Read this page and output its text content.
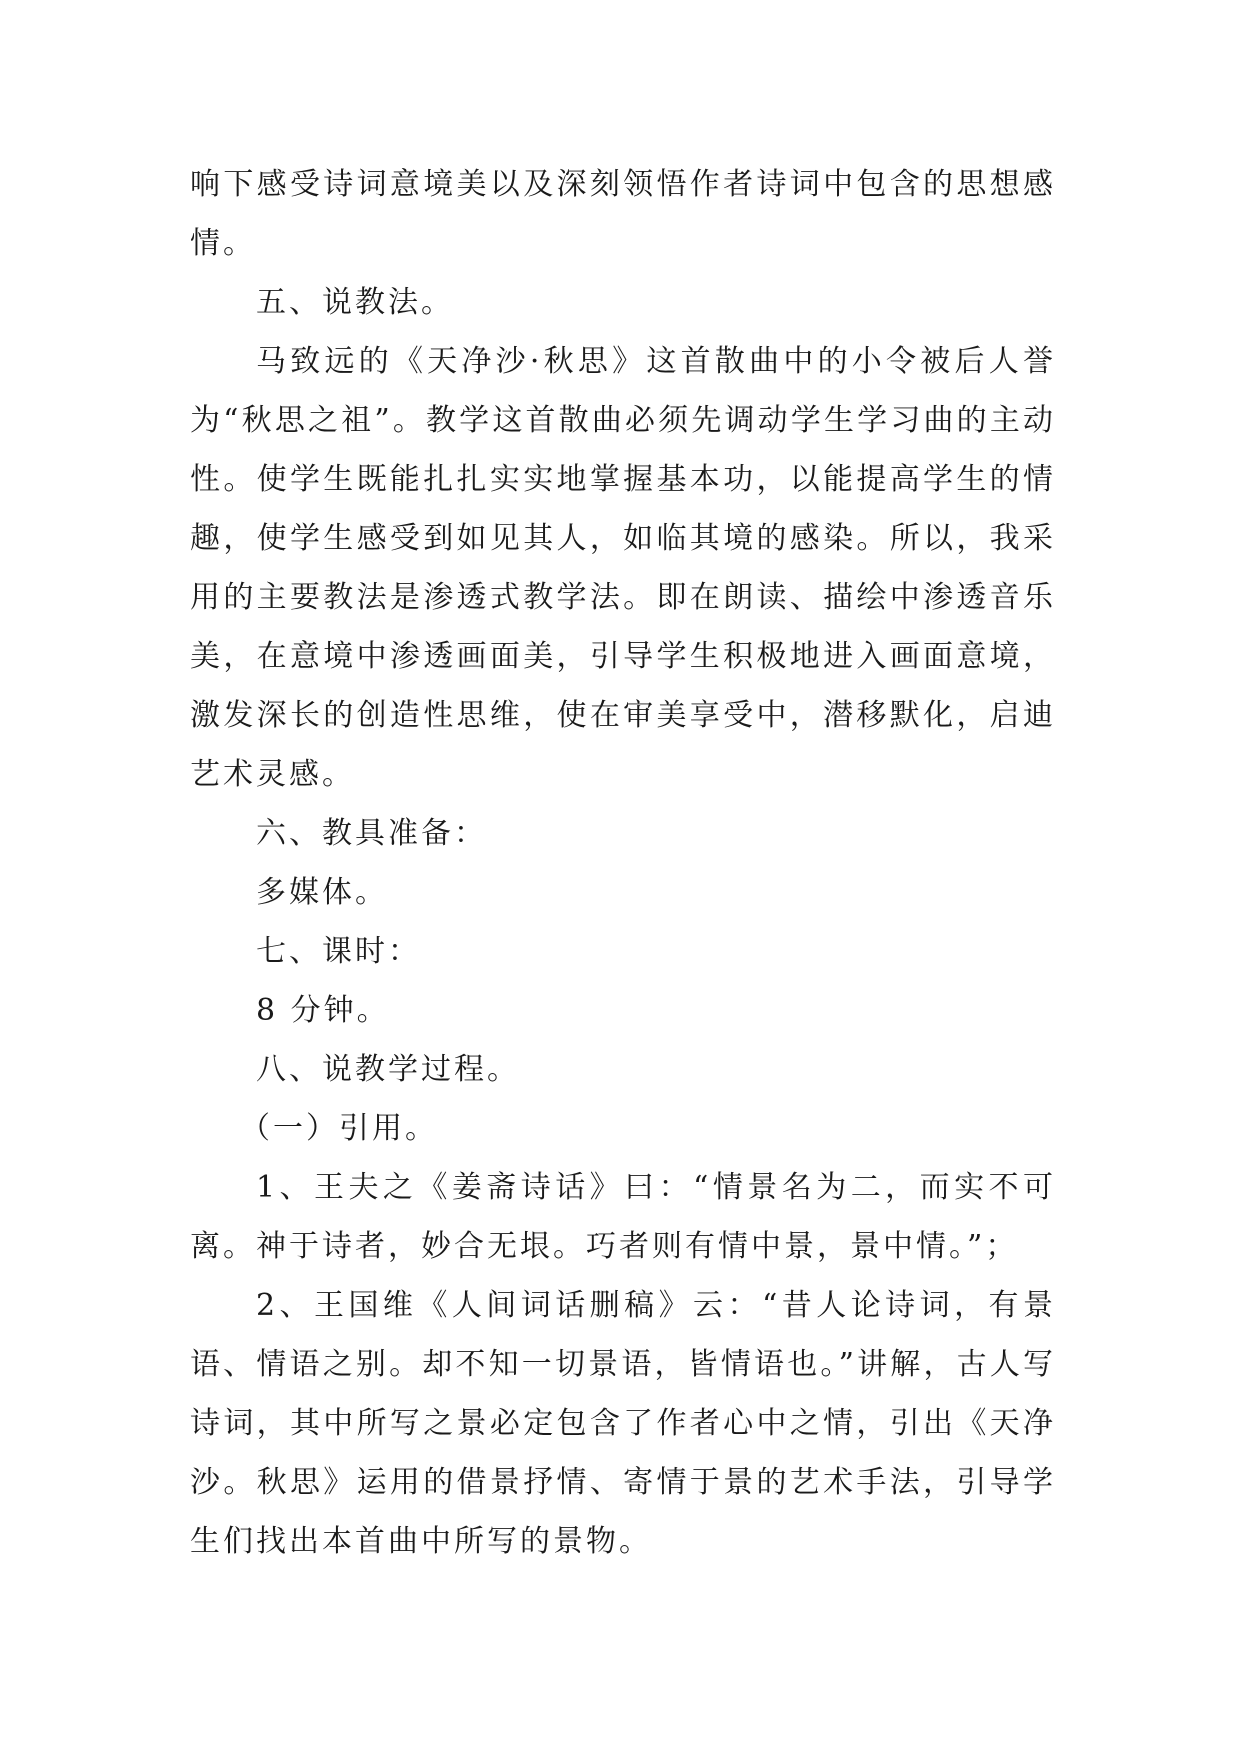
响下感受诗词意境美以及深刻领悟作者诗词中包含的思想感情。

五、说教法。

马致远的《天净沙·秋思》这首散曲中的小令被后人誉为“秋思之祖”。教学这首散曲必须先调动学生学习曲的主动性。使学生既能扎扎实实地掌握基本功，以能提高学生的情趣，使学生感受到如见其人，如临其境的感染。所以，我采用的主要教法是渗透式教学法。即在朗读、描绘中渗透音乐美，在意境中渗透画面美，引导学生积极地进入画面意境，激发深长的创造性思维，使在审美享受中，潜移默化，启迪艺术灵感。

六、教具准备：

多媒体。

七、课时：

8 分钟。

八、说教学过程。

（一）引用。

1、王夫之《姜斋诗话》曰：“情景名为二，而实不可离。神于诗者，妙合无垠。巧者则有情中景，景中情。”；

2、王国维《人间词话删稿》云：“昔人论诗词，有景语、情语之别。却不知一切景语，皆情语也。”讲解，古人写诗词，其中所写之景必定包含了作者心中之情，引出《天净沙。秋思》运用的借景抒情、寄情于景的艺术手法，引导学生们找出本首曲中所写的景物。
